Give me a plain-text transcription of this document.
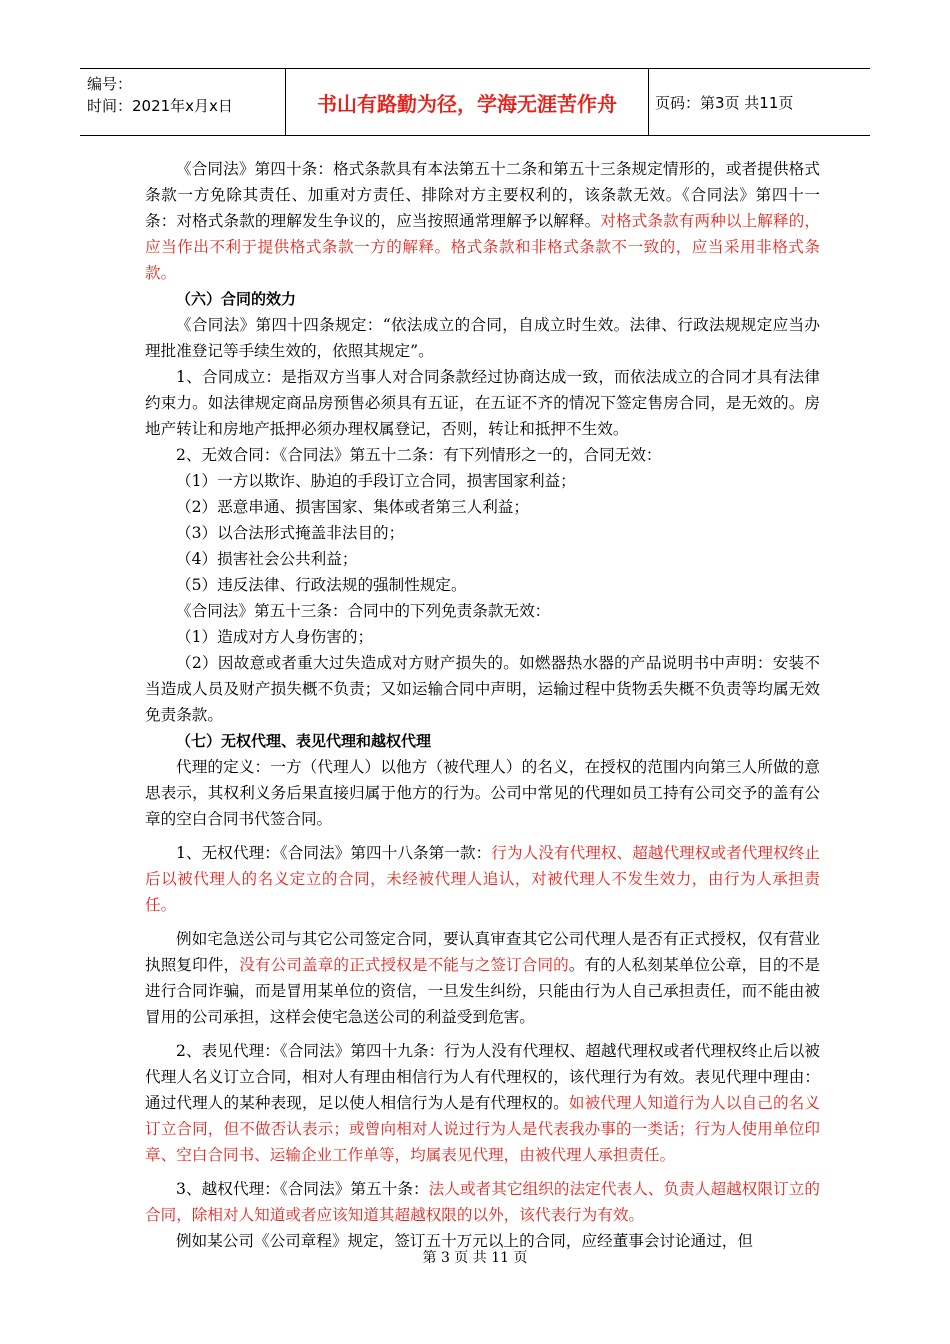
编号：
时间：2021年x月x日	书山有路勤为径，学海无涯苦作舟	页码：第3页 共11页

《合同法》第四十条：格式条款具有本法第五十二条和第五十三条规定情形的，或者提供格式条款一方免除其责任、加重对方责任、排除对方主要权利的，该条款无效。《合同法》第四十一条：对格式条款的理解发生争议的，应当按照通常理解予以解释。对格式条款有两种以上解释的，应当作出不利于提供格式条款一方的解释。格式条款和非格式条款不一致的，应当采用非格式条款。

（六）合同的效力

《合同法》第四十四条规定：“依法成立的合同，自成立时生效。法律、行政法规规定应当办理批准登记等手续生效的，依照其规定”。

1、合同成立：是指双方当事人对合同条款经过协商达成一致，而依法成立的合同才具有法律约束力。如法律规定商品房预售必须具有五证，在五证不齐的情况下签定售房合同，是无效的。房地产转让和房地产抵押必须办理权属登记，否则，转让和抵押不生效。

2、无效合同：《合同法》第五十二条：有下列情形之一的，合同无效：

（1）一方以欺诈、胁迫的手段订立合同，损害国家利益；

（2）恶意串通、损害国家、集体或者第三人利益；

（3）以合法形式掩盖非法目的；

（4）损害社会公共利益；

（5）违反法律、行政法规的强制性规定。

《合同法》第五十三条：合同中的下列免责条款无效：

（1）造成对方人身伤害的；

（2）因故意或者重大过失造成对方财产损失的。如燃器热水器的产品说明书中声明：安装不当造成人员及财产损失概不负责；又如运输合同中声明，运输过程中货物丢失概不负责等均属无效免责条款。

（七）无权代理、表见代理和越权代理

代理的定义：一方（代理人）以他方（被代理人）的名义，在授权的范围内向第三人所做的意思表示，其权利义务后果直接归属于他方的行为。公司中常见的代理如员工持有公司交予的盖有公章的空白合同书代签合同。

1、无权代理：《合同法》第四十八条第一款：行为人没有代理权、超越代理权或者代理权终止后以被代理人的名义定立的合同，未经被代理人追认，对被代理人不发生效力，由行为人承担责任。

例如宅急送公司与其它公司签定合同，要认真审查其它公司代理人是否有正式授权，仅有营业执照复印件，没有公司盖章的正式授权是不能与之签订合同的。有的人私刻某单位公章，目的不是进行合同诈骗，而是冒用某单位的资信，一旦发生纠纷，只能由行为人自己承担责任，而不能由被冒用的公司承担，这样会使宅急送公司的利益受到危害。

2、表见代理：《合同法》第四十九条：行为人没有代理权、超越代理权或者代理权终止后以被代理人名义订立合同，相对人有理由相信行为人有代理权的，该代理行为有效。表见代理中理由：通过代理人的某种表现，足以使人相信行为人是有代理权的。如被代理人知道行为人以自己的名义订立合同，但不做否认表示；或曾向相对人说过行为人是代表我办事的一类话；行为人使用单位印章、空白合同书、运输企业工作单等，均属表见代理，由被代理人承担责任。

3、越权代理：《合同法》第五十条：法人或者其它组织的法定代表人、负责人超越权限订立的合同，除相对人知道或者应该知道其超越权限的以外，该代表行为有效。

例如某公司《公司章程》规定，签订五十万元以上的合同，应经董事会讨论通过，但

第 3 页 共 11 页
